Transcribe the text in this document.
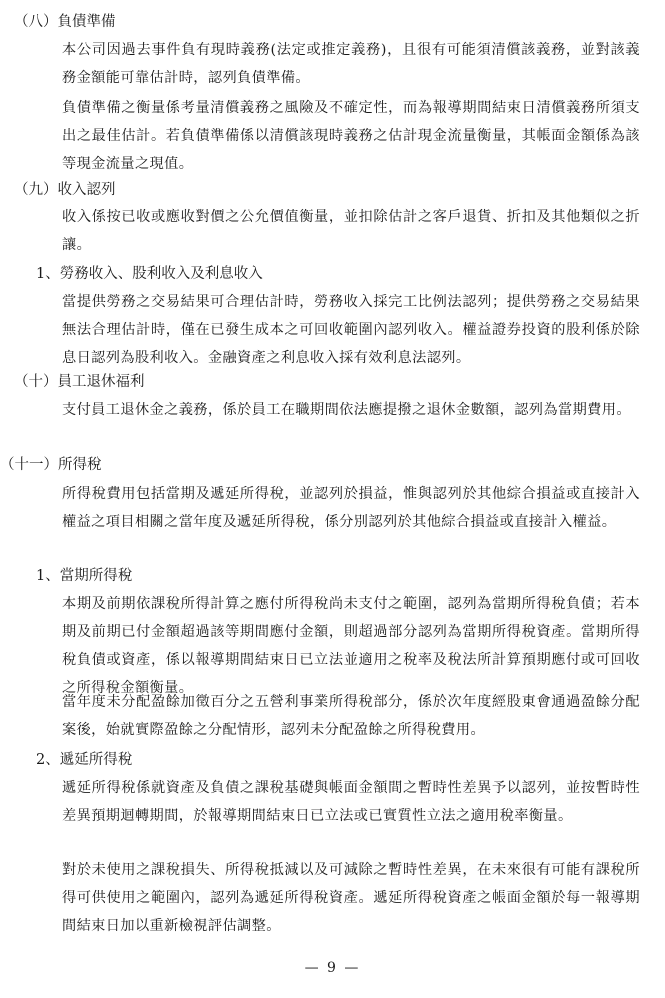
（八）負債準備
本公司因過去事件負有現時義務(法定或推定義務)，且很有可能須清償該義務，並對該義務金額能可靠估計時，認列負債準備。
負債準備之衡量係考量清償義務之風險及不確定性，而為報導期間結束日清償義務所須支出之最佳估計。若負債準備係以清償該現時義務之估計現金流量衡量，其帳面金額係為該等現金流量之現值。
（九）收入認列
收入係按已收或應收對價之公允價值衡量，並扣除估計之客戶退貨、折扣及其他類似之折讓。
1、勞務收入、股利收入及利息收入
當提供勞務之交易結果可合理估計時，勞務收入採完工比例法認列；提供勞務之交易結果無法合理估計時，僅在已發生成本之可回收範圍內認列收入。權益證券投資的股利係於除息日認列為股利收入。金融資產之利息收入採有效利息法認列。
（十）員工退休福利
支付員工退休金之義務，係於員工在職期間依法應提撥之退休金數額，認列為當期費用。
（十一）所得稅
所得稅費用包括當期及遞延所得稅，並認列於損益，惟與認列於其他綜合損益或直接計入權益之項目相關之當年度及遞延所得稅，係分別認列於其他綜合損益或直接計入權益。
1、當期所得稅
本期及前期依課稅所得計算之應付所得稅尚未支付之範圍，認列為當期所得稅負債；若本期及前期已付金額超過該等期間應付金額，則超過部分認列為當期所得稅資產。當期所得稅負債或資產，係以報導期間結束日已立法並適用之稅率及稅法所計算預期應付或可回收之所得稅金額衡量。
當年度未分配盈餘加徵百分之五營利事業所得稅部分，係於次年度經股東會通過盈餘分配案後，始就實際盈餘之分配情形，認列未分配盈餘之所得稅費用。
2、遞延所得稅
遞延所得稅係就資產及負債之課稅基礎與帳面金額間之暫時性差異予以認列，並按暫時性差異預期迴轉期間，於報導期間結束日已立法或已實質性立法之適用稅率衡量。
對於未使用之課稅損失、所得稅抵減以及可減除之暫時性差異，在未來很有可能有課稅所得可供使用之範圍內，認列為遞延所得稅資產。遞延所得稅資產之帳面金額於每一報導期間結束日加以重新檢視評估調整。
— 9 —
